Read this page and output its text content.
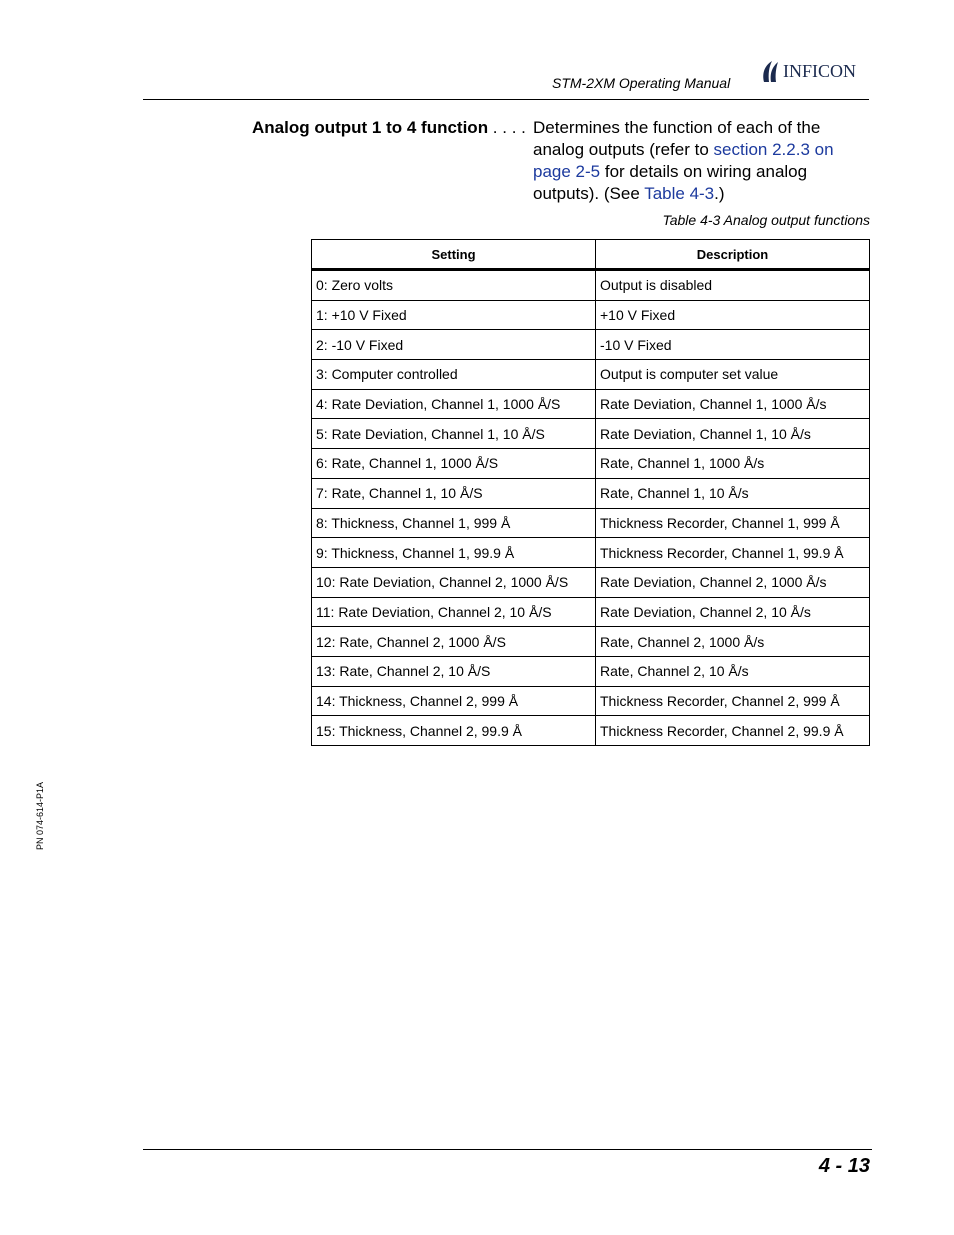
STM-2XM Operating Manual
INFICON
Analog output 1 to 4 function . . . . Determines the function of each of the analog outputs (refer to section 2.2.3 on page 2-5 for details on wiring analog outputs). (See Table 4-3.)
Table 4-3 Analog output functions
Setting	Description
0: Zero volts	Output is disabled
1: +10 V Fixed	+10 V Fixed
2: -10 V Fixed	-10 V Fixed
3: Computer controlled	Output is computer set value
4: Rate Deviation, Channel 1, 1000 Å/S	Rate Deviation, Channel 1, 1000 Å/s
5: Rate Deviation, Channel 1, 10 Å/S	Rate Deviation, Channel 1, 10 Å/s
6: Rate, Channel 1, 1000 Å/S	Rate, Channel 1, 1000 Å/s
7: Rate, Channel 1, 10 Å/S	Rate, Channel 1, 10 Å/s
8: Thickness, Channel 1, 999 Å	Thickness Recorder, Channel 1, 999 Å
9: Thickness, Channel 1, 99.9 Å	Thickness Recorder, Channel 1, 99.9 Å
10: Rate Deviation, Channel 2, 1000 Å/S	Rate Deviation, Channel 2, 1000 Å/s
11: Rate Deviation, Channel 2, 10 Å/S	Rate Deviation, Channel 2, 10 Å/s
12: Rate, Channel 2, 1000 Å/S	Rate, Channel 2, 1000 Å/s
13: Rate, Channel 2, 10 Å/S	Rate, Channel 2, 10 Å/s
14: Thickness, Channel 2, 999 Å	Thickness Recorder, Channel 2, 999 Å
15: Thickness, Channel 2, 99.9 Å	Thickness Recorder, Channel 2, 99.9 Å
PN 074-614-P1A
4 - 13
